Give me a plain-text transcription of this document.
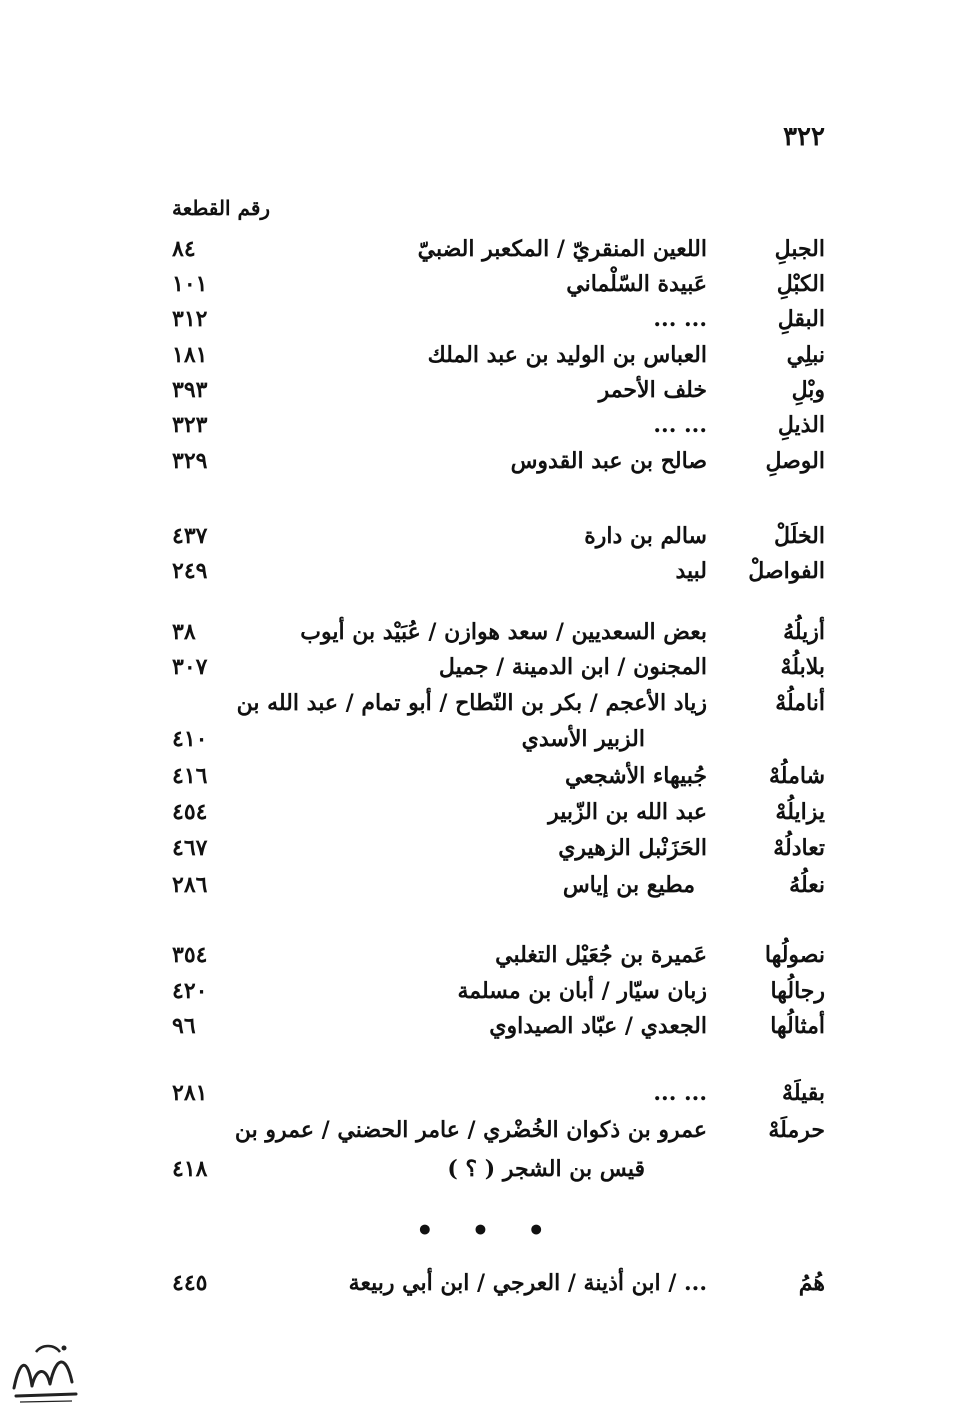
٣٢٢
رقم القطعة
الجبلِ
اللعين المنقريّ / المكعبر الضبيّ
٨٤
الكبْلِ
عَبيدة السّلْماني
١٠١
البقلِ
... ...
٣١٢
نبلِي
العباس بن الوليد بن عبد الملك
١٨١
وبْلِ
خلف الأحمر
٣٩٣
الذيلِ
... ...
٣٢٣
الوصلِ
صالح بن عبد القدوس
٣٢٩
الخلَلْ
سالم بن دارة
٤٣٧
الفواصلْ
لبيد
٢٤٩
أزيلُهُ
بعض السعديين / سعد هوازن / عُبَيْد بن أيوب
٣٨
بلابلُهْ
المجنون / ابن الدمينة / جميل
٣٠٧
أناملُهْ
زياد الأعجم / بكر بن النّطاح / أبو تمام / عبد الله بن
الزبير الأسدي
٤١٠
شاملُهْ
جُبيهاء الأشجعي
٤١٦
يزايلُهْ
عبد الله بن الزّبير
٤٥٤
تعادلُهْ
الحَزَنْبل الزهيري
٤٦٧
نعلُهُ
مطيع بن إياس
٢٨٦
نصولُها
عَميرة بن جُعَيْل التغلبي
٣٥٤
رجالُها
زبان سيّار / أبان بن مسلمة
٤٢٠
أمثالُها
الجعدي / عبّاد الصيداوي
٩٦
بقيلَهْ
... ...
٢٨١
حرملَهْ
عمرو بن ذكوان الخُضْري / عامر الحضني / عمرو بن
قيس بن الشجر ( ؟ )
٤١٨
• • •
هُمُ
... / ابن أذينة / العرجي / ابن أبي ربيعة
٤٤٥
